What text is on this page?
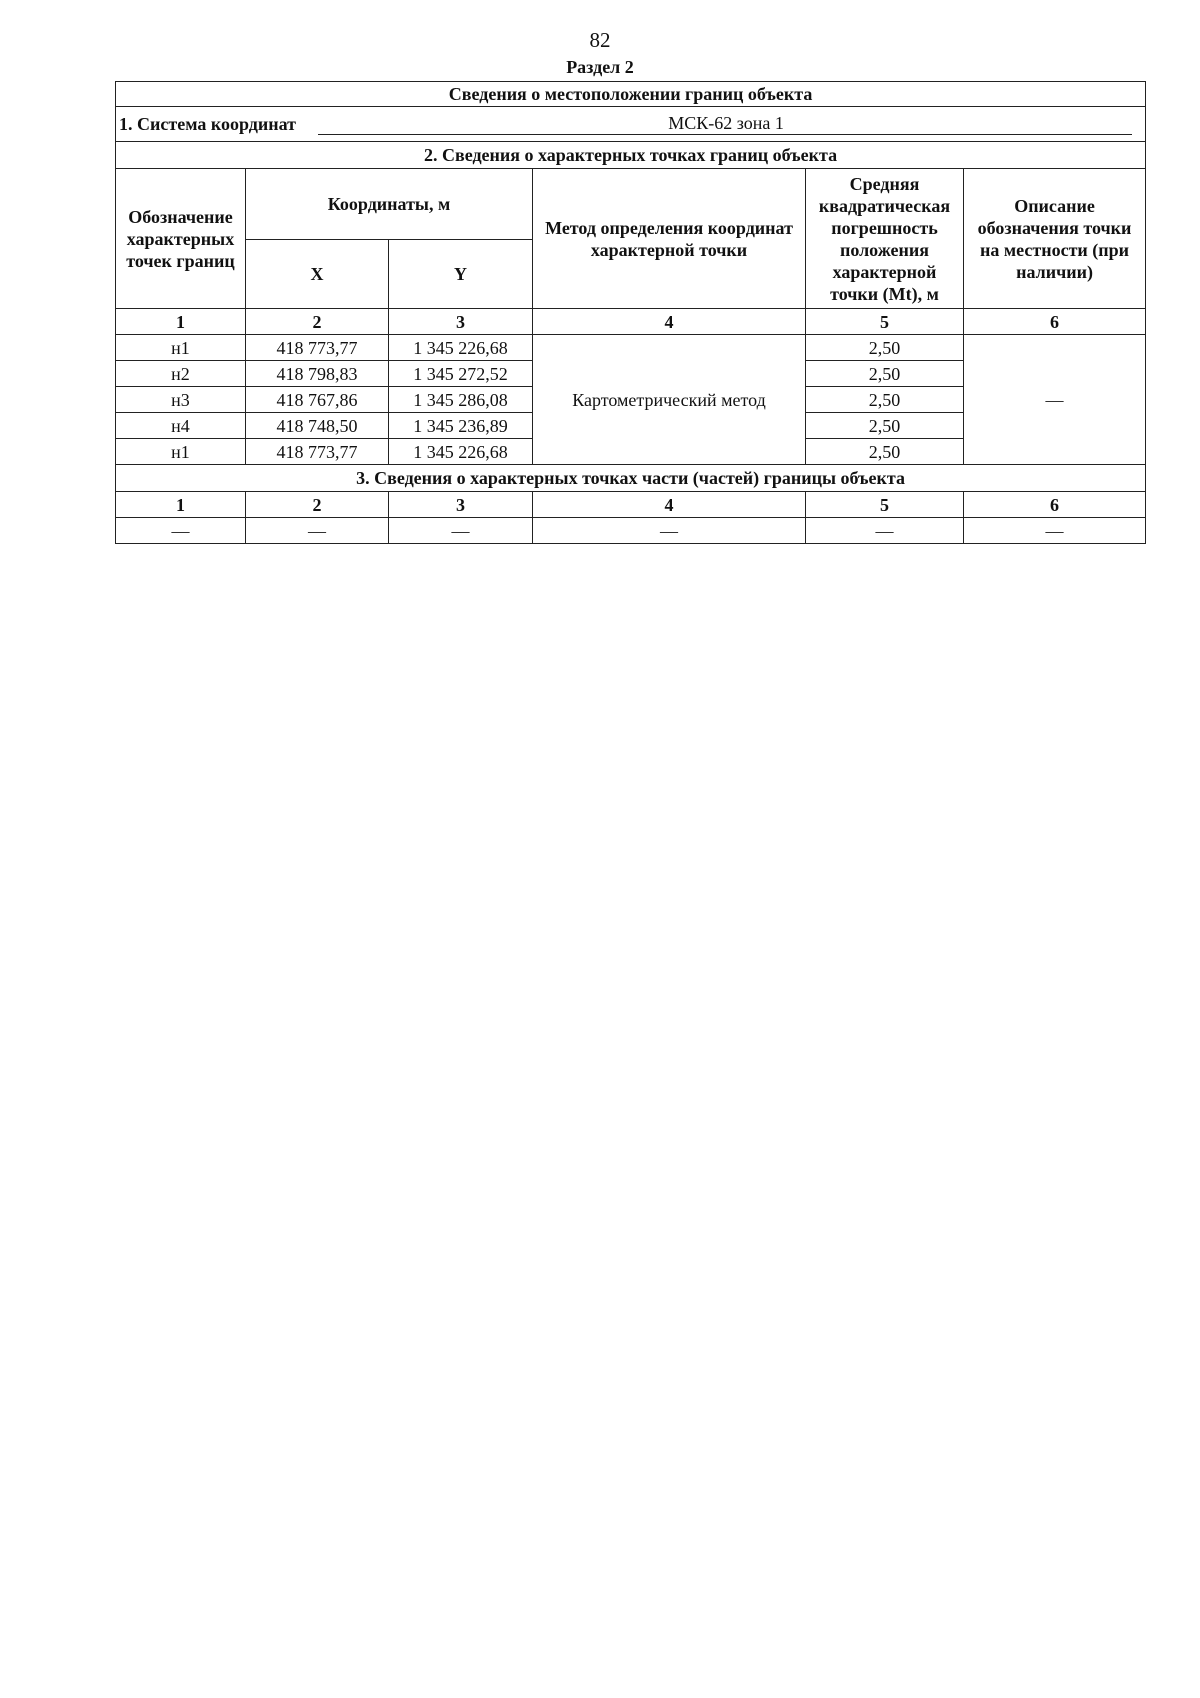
82
Раздел 2
Сведения о местоположении границ объекта					

1. Система координат МСК-62 зона 1					

2. Сведения о характерных точках границ объекта					
Обозначение характерных точек границ	Координаты, м		Метод определения координат характерной точки	Средняя квадратическая погрешность положения характерной точки (Mt), м	Описание обозначения точки на местности (при наличии)
	X	Y			
1	2	3	4	5	6
н1	418 773,77	1 345 226,68	Картометрический метод	2,50	—
н2	418 798,83	1 345 272,52		2,50	
н3	418 767,86	1 345 286,08		2,50	
н4	418 748,50	1 345 236,89		2,50	
н1	418 773,77	1 345 226,68		2,50	
3. Сведения о характерных точках части (частей) границы объекта					
1	2	3	4	5	6
—	—	—	—	—	—
